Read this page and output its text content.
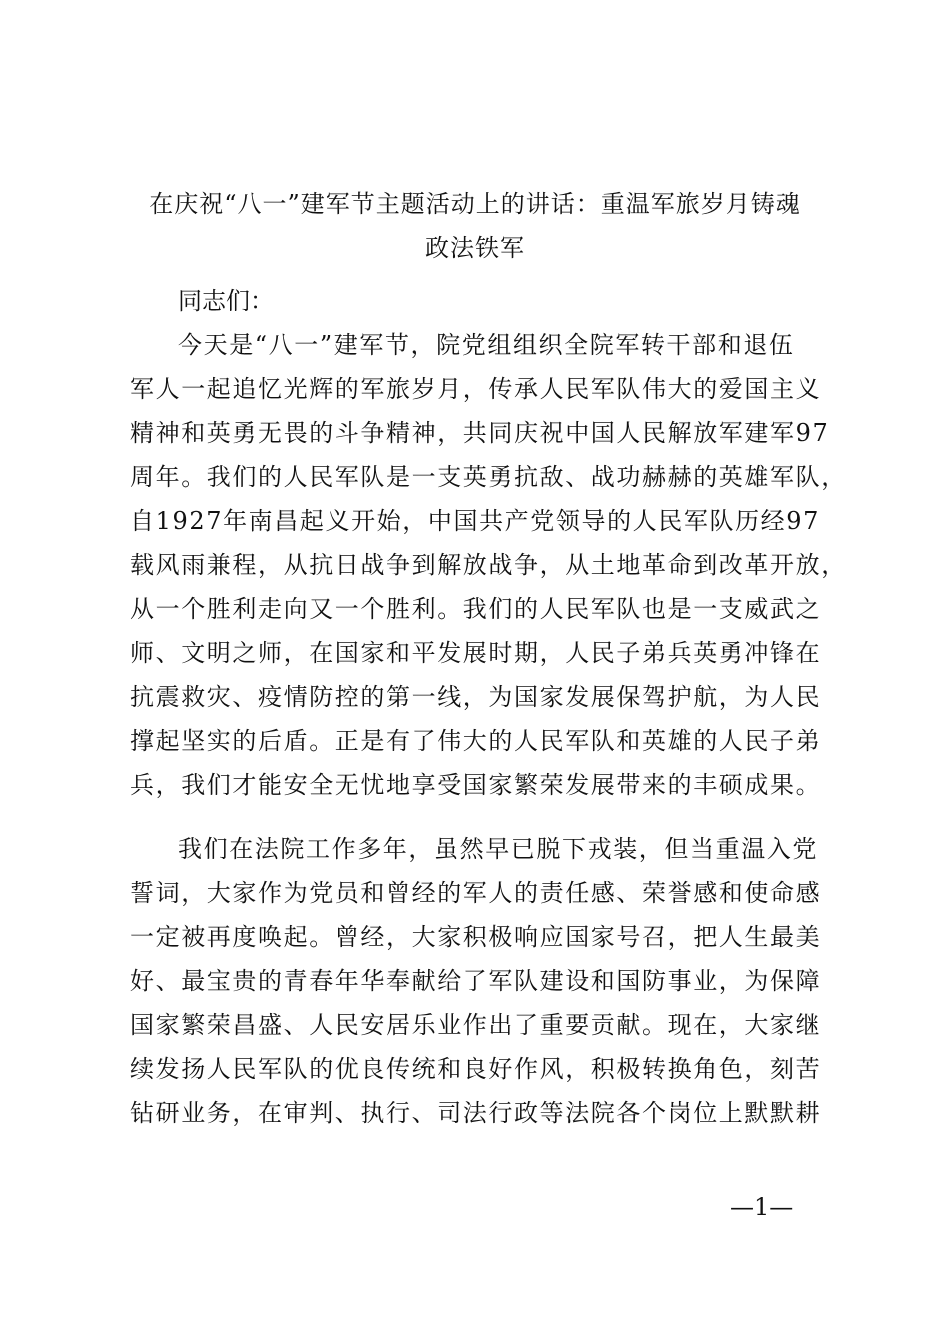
在庆祝“八一”建军节主题活动上的讲话：重温军旅岁月铸魂
政法铁军
同志们：
今天是“八一”建军节，院党组组织全院军转干部和退伍
军人一起追忆光辉的军旅岁月，传承人民军队伟大的爱国主义
精神和英勇无畏的斗争精神，共同庆祝中国人民解放军建军97
周年。我们的人民军队是一支英勇抗敌、战功赫赫的英雄军队，
自1927年南昌起义开始，中国共产党领导的人民军队历经97
载风雨兼程，从抗日战争到解放战争，从土地革命到改革开放，
从一个胜利走向又一个胜利。我们的人民军队也是一支威武之
师、文明之师，在国家和平发展时期，人民子弟兵英勇冲锋在
抗震救灾、疫情防控的第一线，为国家发展保驾护航，为人民
撑起坚实的后盾。正是有了伟大的人民军队和英雄的人民子弟
兵，我们才能安全无忧地享受国家繁荣发展带来的丰硕成果。
我们在法院工作多年，虽然早已脱下戎装，但当重温入党
誓词，大家作为党员和曾经的军人的责任感、荣誉感和使命感
一定被再度唤起。曾经，大家积极响应国家号召，把人生最美
好、最宝贵的青春年华奉献给了军队建设和国防事业，为保障
国家繁荣昌盛、人民安居乐业作出了重要贡献。现在，大家继
续发扬人民军队的优良传统和良好作风，积极转换角色，刻苦
钻研业务，在审判、执行、司法行政等法院各个岗位上默默耕
—1—
